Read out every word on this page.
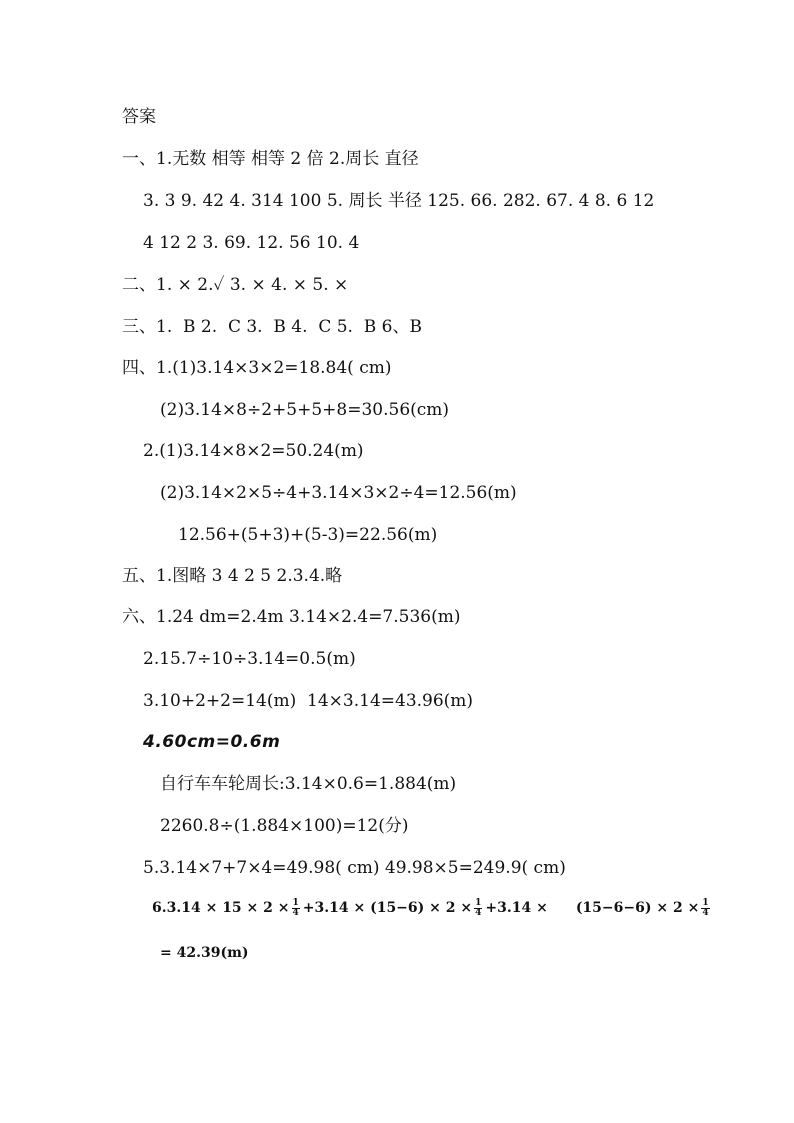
答案
一、1.无数 相等 相等 2 倍 2.周长 直径
3. 3 9. 42 4. 314 100 5. 周长 半径 125. 66. 282. 67. 4 8. 6 12
4 12 2 3. 69. 12. 56 10. 4
二、1. × 2.✓ 3. × 4. × 5. ×
三、1.  B 2.  C 3.  B 4.  C 5.  B 6、B
四、1.(1)3.14×3×2=18.84( cm)
(2)3.14×8÷2+5+5+8=30.56(cm)
2.(1)3.14×8×2=50.24(m)
(2)3.14×2×5÷4+3.14×3×2÷4=12.56(m)
12.56+(5+3)+(5-3)=22.56(m)
五、1.图略 3 4 2 5 2.3.4.略
六、1.24 dm=2.4m 3.14×2.4=7.536(m)
2.15.7÷10÷3.14=0.5(m)
3.10+2+2=14(m)  14×3.14=43.96(m)
4.60cm=0.6m
自行车车轮周长:3.14×0.6=1.884(m)
2260.8÷(1.884×100)=12(分)
5.3.14×7+7×4=49.98( cm) 49.98×5=249.9( cm)
$6.3.14 \times 15 \times 2 \times \frac{1}{4} +3.14 \times (15-6) \times 2 \times \frac{1}{4} +3.14 \times (15-6-6) \times 2 \times \frac{1}{4}$
= 42.39(m)
